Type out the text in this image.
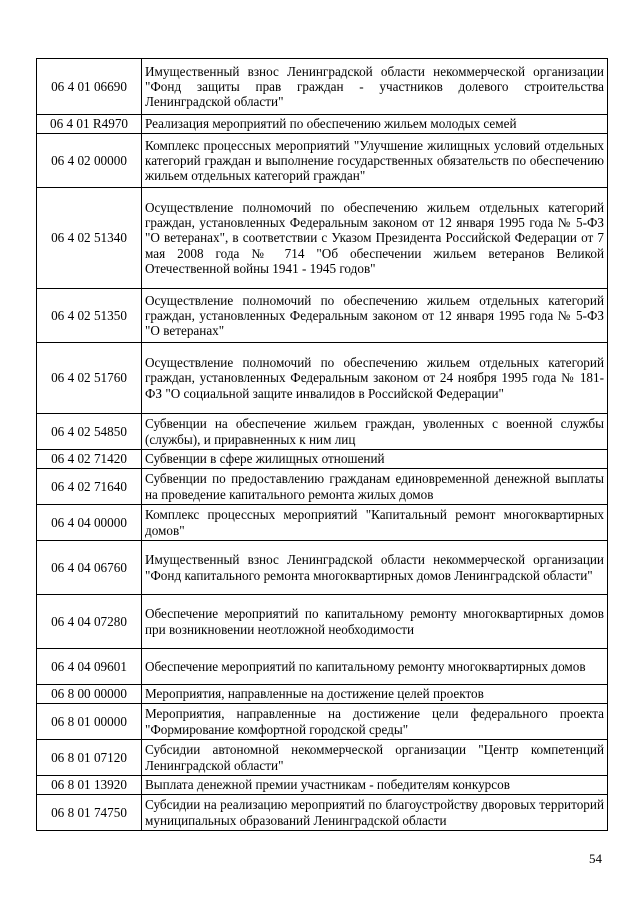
06 4 01 06690	Имущественный взнос Ленинградской области некоммерческой организации "Фонд защиты прав граждан - участников долевого строительства Ленинградской области"
06 4 01 R4970	Реализация мероприятий по обеспечению жильем молодых семей
06 4 02 00000	Комплекс процессных мероприятий "Улучшение жилищных условий отдельных категорий граждан и выполнение государственных обязательств по обеспечению жильем отдельных категорий граждан"
06 4 02 51340	Осуществление полномочий по обеспечению жильем отдельных категорий граждан, установленных Федеральным законом от 12 января 1995 года № 5-ФЗ "О ветеранах", в соответствии с Указом Президента Российской Федерации от 7 мая 2008 года № 714 "Об обеспечении жильем ветеранов Великой Отечественной войны 1941 - 1945 годов"
06 4 02 51350	Осуществление полномочий по обеспечению жильем отдельных категорий граждан, установленных Федеральным законом от 12 января 1995 года № 5-ФЗ "О ветеранах"
06 4 02 51760	Осуществление полномочий по обеспечению жильем отдельных категорий граждан, установленных Федеральным законом от 24 ноября 1995 года № 181-ФЗ "О социальной защите инвалидов в Российской Федерации"
06 4 02 54850	Субвенции на обеспечение жильем граждан, уволенных с военной службы (службы), и приравненных к ним лиц
06 4 02 71420	Субвенции в сфере жилищных отношений
06 4 02 71640	Субвенции по предоставлению гражданам единовременной денежной выплаты на проведение капитального ремонта жилых домов
06 4 04 00000	Комплекс процессных мероприятий "Капитальный ремонт многоквартирных домов"
06 4 04 06760	Имущественный взнос Ленинградской области некоммерческой организации "Фонд капитального ремонта многоквартирных домов Ленинградской области"
06 4 04 07280	Обеспечение мероприятий по капитальному ремонту многоквартирных домов при возникновении неотложной необходимости
06 4 04 09601	Обеспечение мероприятий по капитальному ремонту многоквартирных домов
06 8 00 00000	Мероприятия, направленные на достижение целей проектов
06 8 01 00000	Мероприятия, направленные на достижение цели федерального проекта "Формирование комфортной городской среды"
06 8 01 07120	Субсидии автономной некоммерческой организации "Центр компетенций Ленинградской области"
06 8 01 13920	Выплата денежной премии участникам - победителям конкурсов
06 8 01 74750	Субсидии на реализацию мероприятий по благоустройству дворовых территорий муниципальных образований Ленинградской области
54
